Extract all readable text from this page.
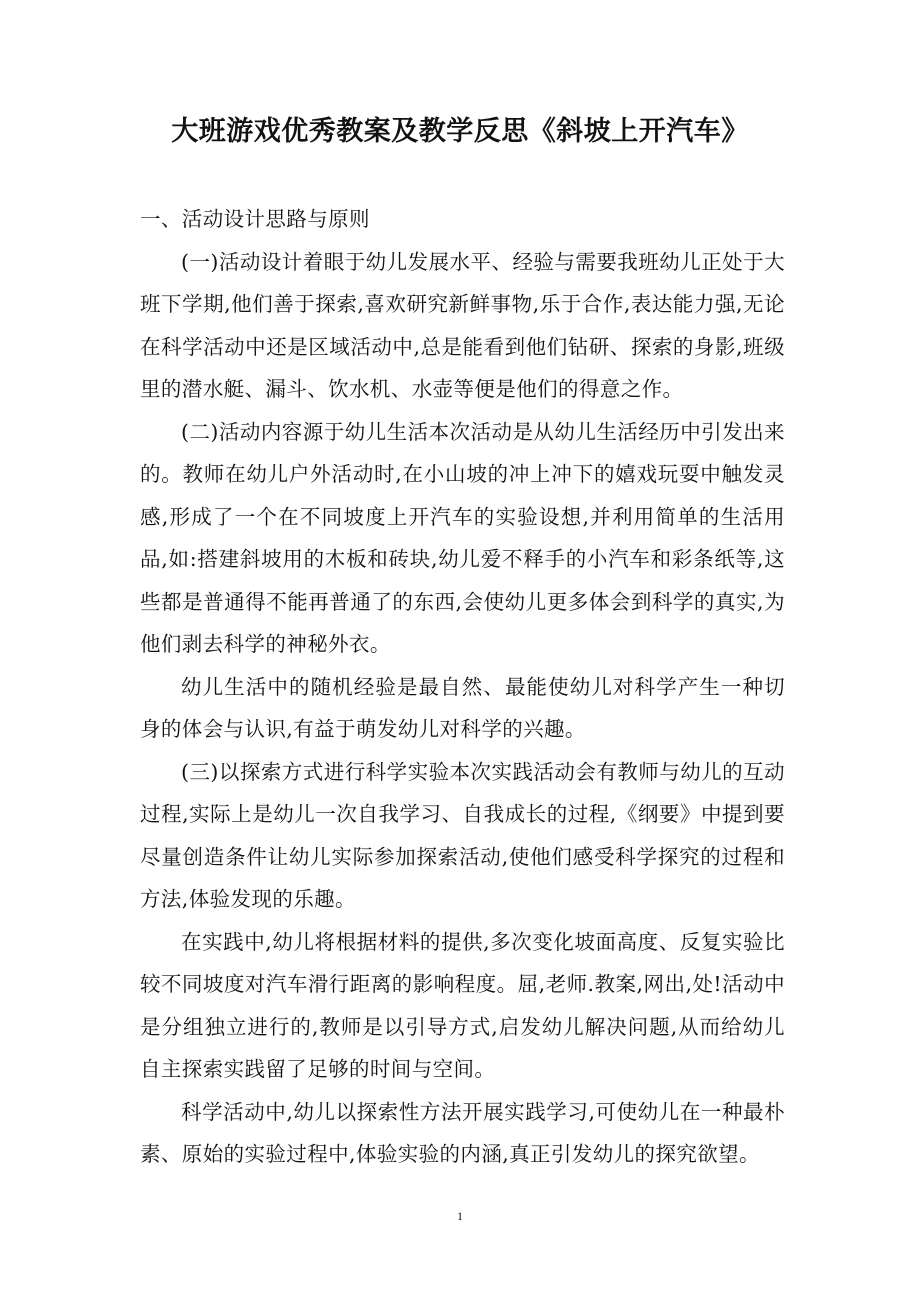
大班游戏优秀教案及教学反思《斜坡上开汽车》

一、活动设计思路与原则

(一)活动设计着眼于幼儿发展水平、经验与需要我班幼儿正处于大班下学期,他们善于探索,喜欢研究新鲜事物,乐于合作,表达能力强,无论在科学活动中还是区域活动中,总是能看到他们钻研、探索的身影,班级里的潜水艇、漏斗、饮水机、水壶等便是他们的得意之作。

(二)活动内容源于幼儿生活本次活动是从幼儿生活经历中引发出来的。教师在幼儿户外活动时,在小山坡的冲上冲下的嬉戏玩耍中触发灵感,形成了一个在不同坡度上开汽车的实验设想,并利用简单的生活用品,如:搭建斜坡用的木板和砖块,幼儿爱不释手的小汽车和彩条纸等,这些都是普通得不能再普通了的东西,会使幼儿更多体会到科学的真实,为他们剥去科学的神秘外衣。

幼儿生活中的随机经验是最自然、最能使幼儿对科学产生一种切身的体会与认识,有益于萌发幼儿对科学的兴趣。

(三)以探索方式进行科学实验本次实践活动会有教师与幼儿的互动过程,实际上是幼儿一次自我学习、自我成长的过程,《纲要》中提到要尽量创造条件让幼儿实际参加探索活动,使他们感受科学探究的过程和方法,体验发现的乐趣。

在实践中,幼儿将根据材料的提供,多次变化坡面高度、反复实验比较不同坡度对汽车滑行距离的影响程度。屈,老师.教案,网出,处!活动中是分组独立进行的,教师是以引导方式,启发幼儿解决问题,从而给幼儿自主探索实践留了足够的时间与空间。

科学活动中,幼儿以探索性方法开展实践学习,可使幼儿在一种最朴素、原始的实验过程中,体验实验的内涵,真正引发幼儿的探究欲望。

1
